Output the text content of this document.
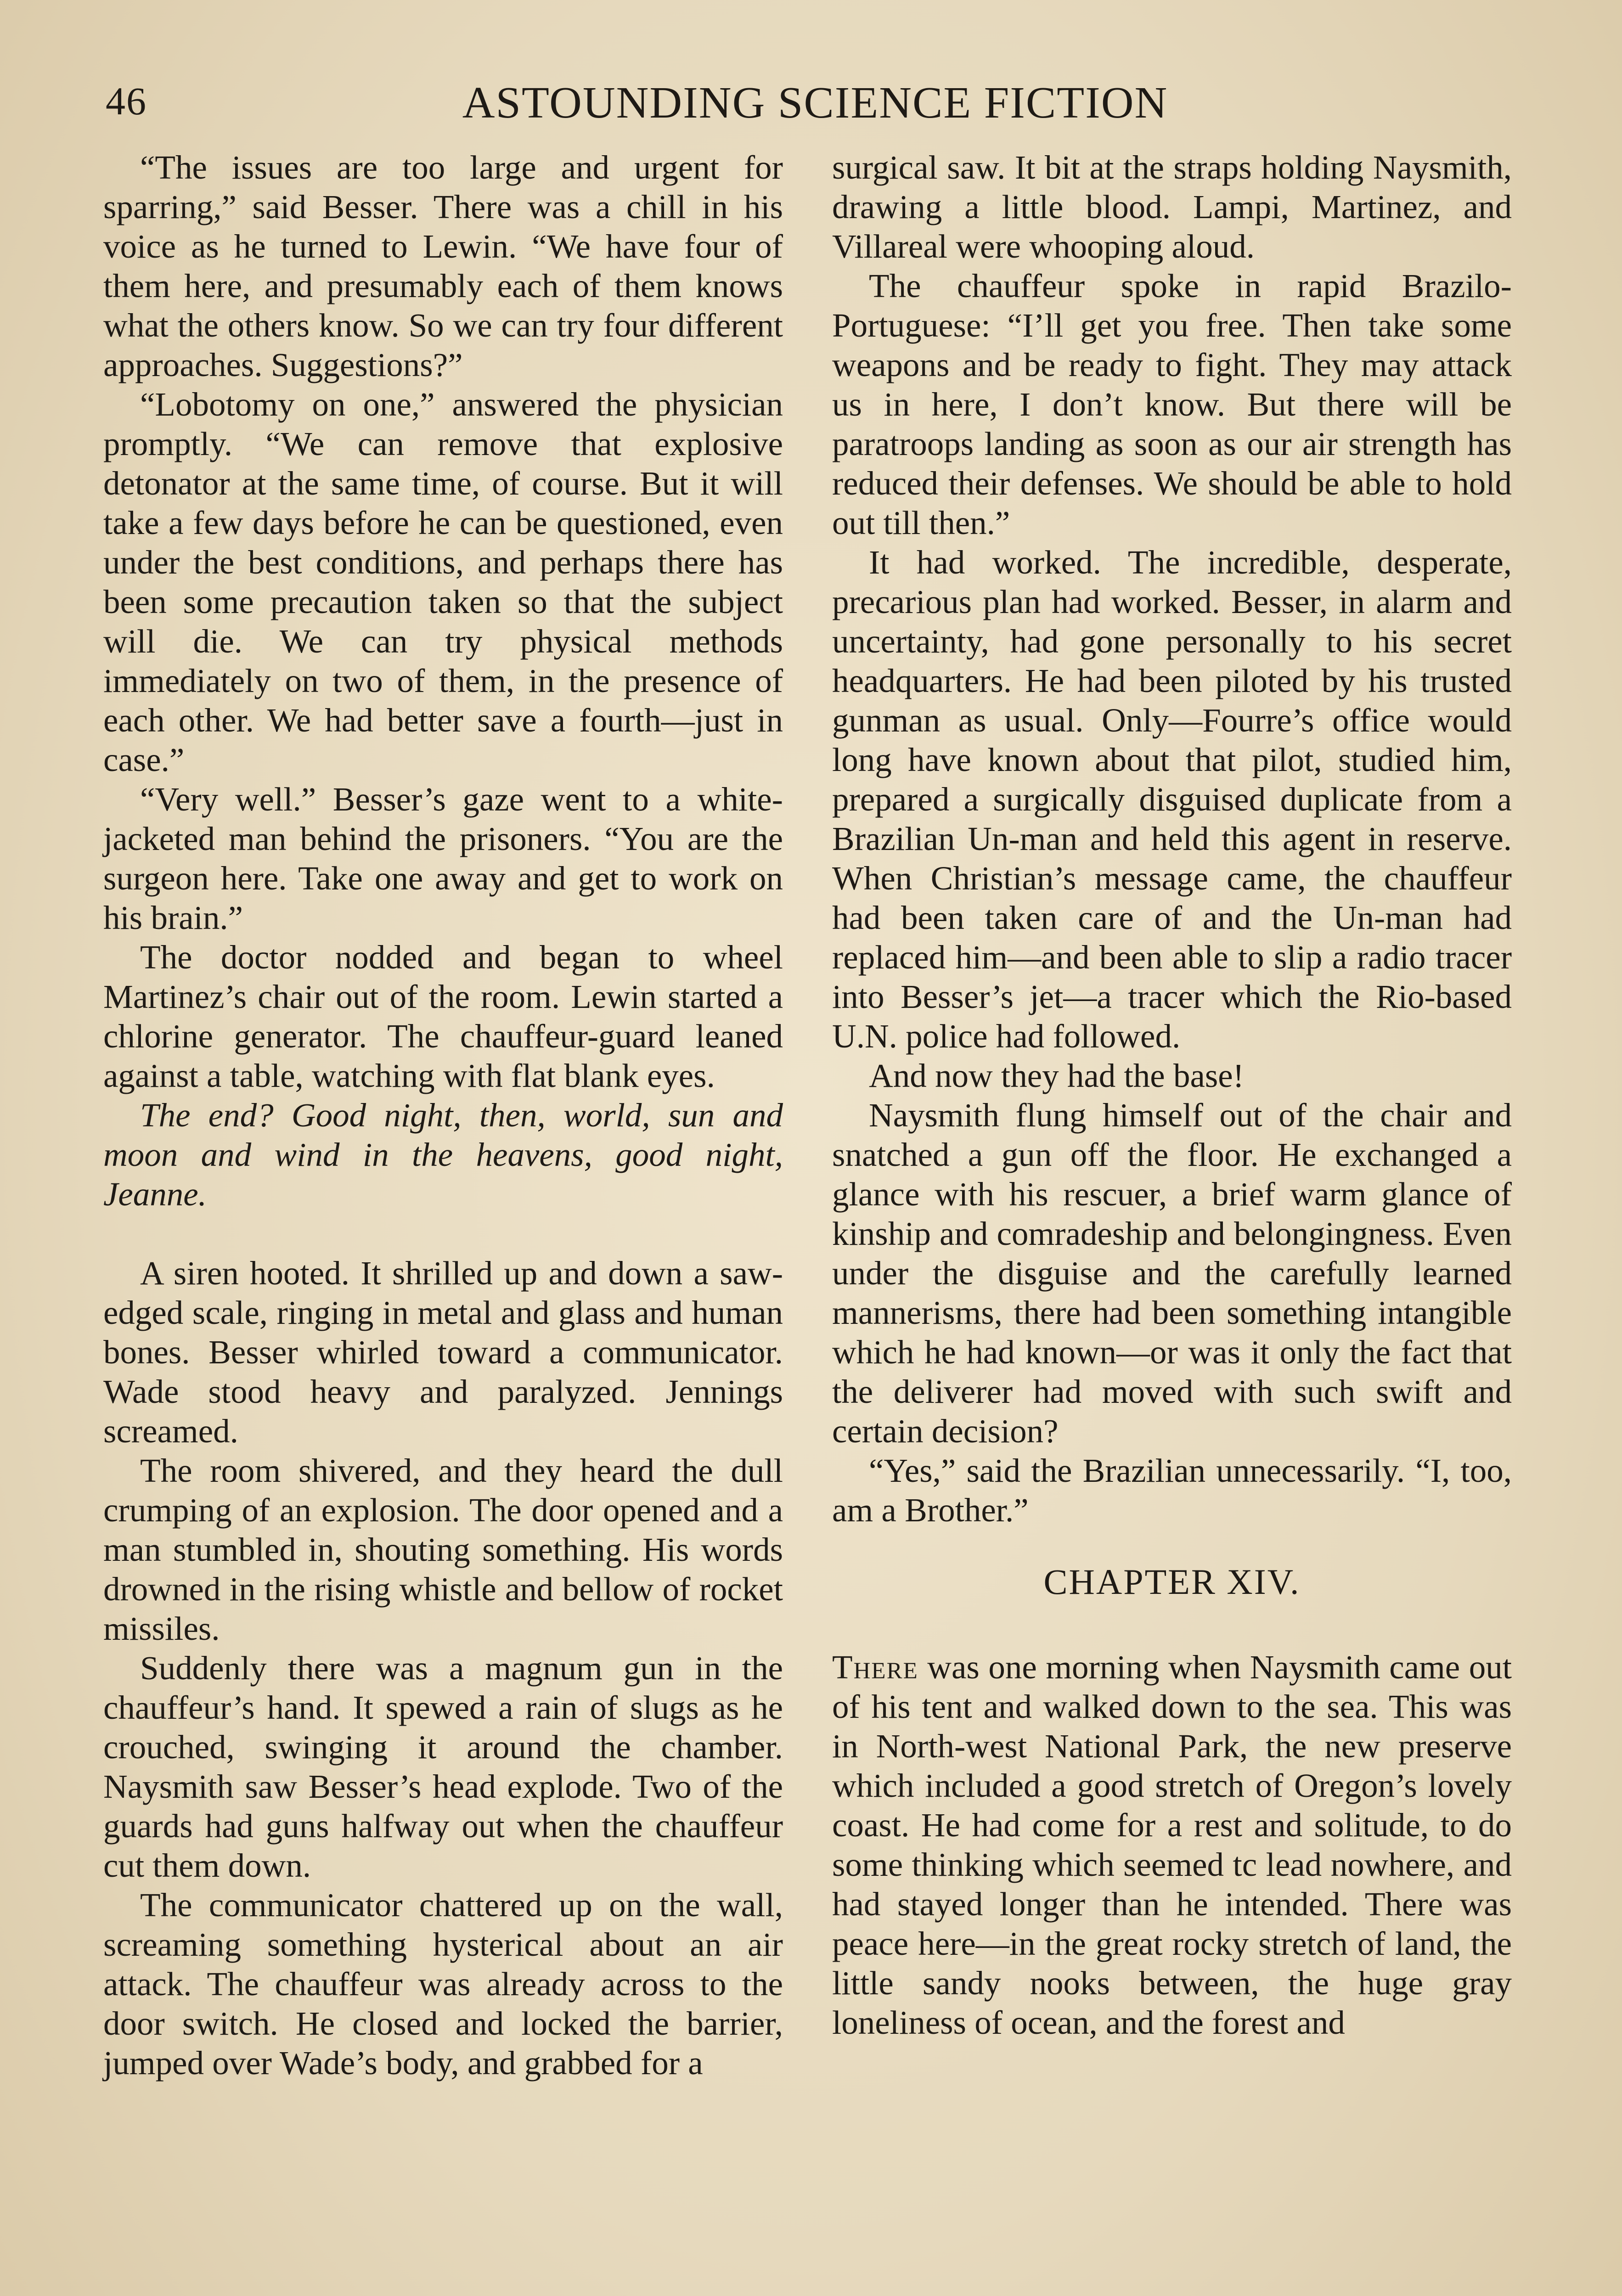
46	ASTOUNDING SCIENCE FICTION

“The issues are too large and urgent for sparring,” said Besser. There was a chill in his voice as he turned to Lewin. “We have four of them here, and presumably each of them knows what the others know. So we can try four different approaches. Suggestions?”

“Lobotomy on one,” answered the physician promptly. “We can remove that explosive detonator at the same time, of course. But it will take a few days before he can be questioned, even under the best conditions, and perhaps there has been some precaution taken so that the subject will die. We can try physical methods immediately on two of them, in the presence of each other. We had better save a fourth—just in case.”

“Very well.” Besser’s gaze went to a white-jacketed man behind the prisoners. “You are the surgeon here. Take one away and get to work on his brain.”

The doctor nodded and began to wheel Martinez’s chair out of the room. Lewin started a chlorine generator. The chauffeur-guard leaned against a table, watching with flat blank eyes.

The end? Good night, then, world, sun and moon and wind in the heavens, good night, Jeanne.

A siren hooted. It shrilled up and down a saw-edged scale, ringing in metal and glass and human bones. Besser whirled toward a communicator. Wade stood heavy and paralyzed. Jennings screamed.

The room shivered, and they heard the dull crumping of an explosion. The door opened and a man stumbled in, shouting something. His words drowned in the rising whistle and bellow of rocket missiles.

Suddenly there was a magnum gun in the chauffeur’s hand. It spewed a rain of slugs as he crouched, swinging it around the chamber. Naysmith saw Besser’s head explode. Two of the guards had guns halfway out when the chauffeur cut them down.

The communicator chattered up on the wall, screaming something hysterical about an air attack. The chauffeur was already across to the door switch. He closed and locked the barrier, jumped over Wade’s body, and grabbed for a

surgical saw. It bit at the straps holding Naysmith, drawing a little blood. Lampi, Martinez, and Villareal were whooping aloud.

The chauffeur spoke in rapid Brazilo-Portuguese: “I’ll get you free. Then take some weapons and be ready to fight. They may attack us in here, I don’t know. But there will be paratroops landing as soon as our air strength has reduced their defenses. We should be able to hold out till then.”

It had worked. The incredible, desperate, precarious plan had worked. Besser, in alarm and uncertainty, had gone personally to his secret headquarters. He had been piloted by his trusted gunman as usual. Only—Fourre’s office would long have known about that pilot, studied him, prepared a surgically disguised duplicate from a Brazilian Un-man and held this agent in reserve. When Christian’s message came, the chauffeur had been taken care of and the Un-man had replaced him—and been able to slip a radio tracer into Besser’s jet—a tracer which the Rio-based U.N. police had followed.

And now they had the base!

Naysmith flung himself out of the chair and snatched a gun off the floor. He exchanged a glance with his rescuer, a brief warm glance of kinship and comradeship and belongingness. Even under the disguise and the carefully learned mannerisms, there had been something intangible which he had known—or was it only the fact that the deliverer had moved with such swift and certain decision?

“Yes,” said the Brazilian unnecessarily. “I, too, am a Brother.”

CHAPTER XIV.

There was one morning when Naysmith came out of his tent and walked down to the sea. This was in North-west National Park, the new preserve which included a good stretch of Oregon’s lovely coast. He had come for a rest and solitude, to do some thinking which seemed tc lead nowhere, and had stayed longer than he intended. There was peace here—in the great rocky stretch of land, the little sandy nooks between, the huge gray loneliness of ocean, and the forest and
